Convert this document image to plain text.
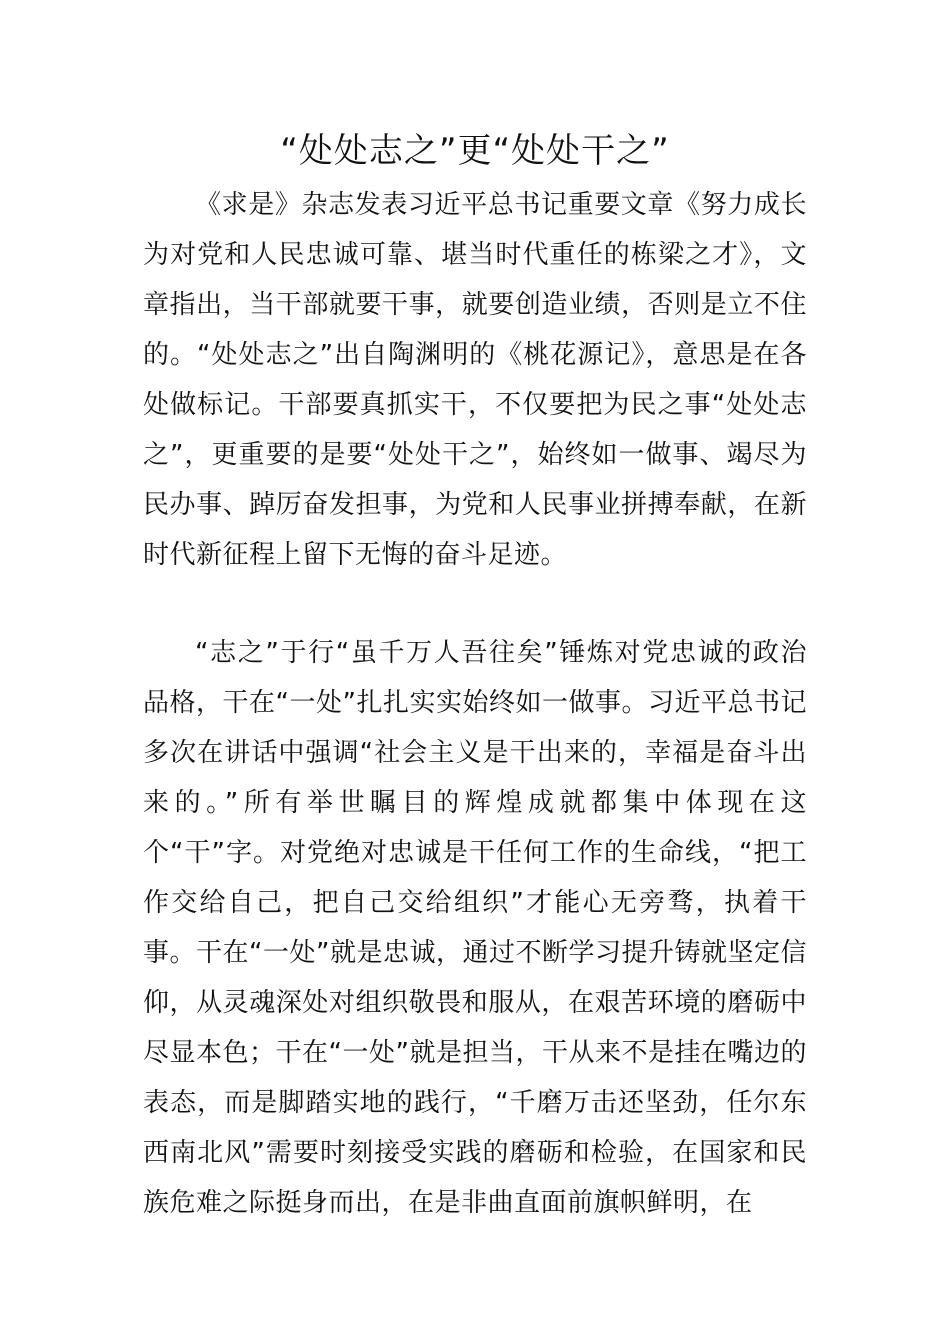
“处处志之”更“处处干之”

《求是》杂志发表习近平总书记重要文章《努力成长为对党和人民忠诚可靠、堪当时代重任的栋梁之才》，文章指出，当干部就要干事，就要创造业绩，否则是立不住的。“处处志之”出自陶渊明的《桃花源记》，意思是在各处做标记。干部要真抓实干，不仅要把为民之事“处处志之”，更重要的是要“处处干之”，始终如一做事、竭尽为民办事、踔厉奋发担事，为党和人民事业拼搏奉献，在新时代新征程上留下无悔的奋斗足迹。

“志之”于行“虽千万人吾往矣”锤炼对党忠诚的政治品格，干在“一处”扎扎实实始终如一做事。习近平总书记多次在讲话中强调“社会主义是干出来的，幸福是奋斗出来的。”所有举世瞩目的辉煌成就都集中体现在这个“干”字。对党绝对忠诚是干任何工作的生命线，“把工作交给自己，把自己交给组织”才能心无旁骛，执着干事。干在“一处”就是忠诚，通过不断学习提升铸就坚定信仰，从灵魂深处对组织敬畏和服从，在艰苦环境的磨砺中尽显本色；干在“一处”就是担当，干从来不是挂在嘴边的表态，而是脚踏实地的践行，“千磨万击还坚劲，任尔东西南北风”需要时刻接受实践的磨砺和检验，在国家和民族危难之际挺身而出，在是非曲直面前旗帜鲜明，在
